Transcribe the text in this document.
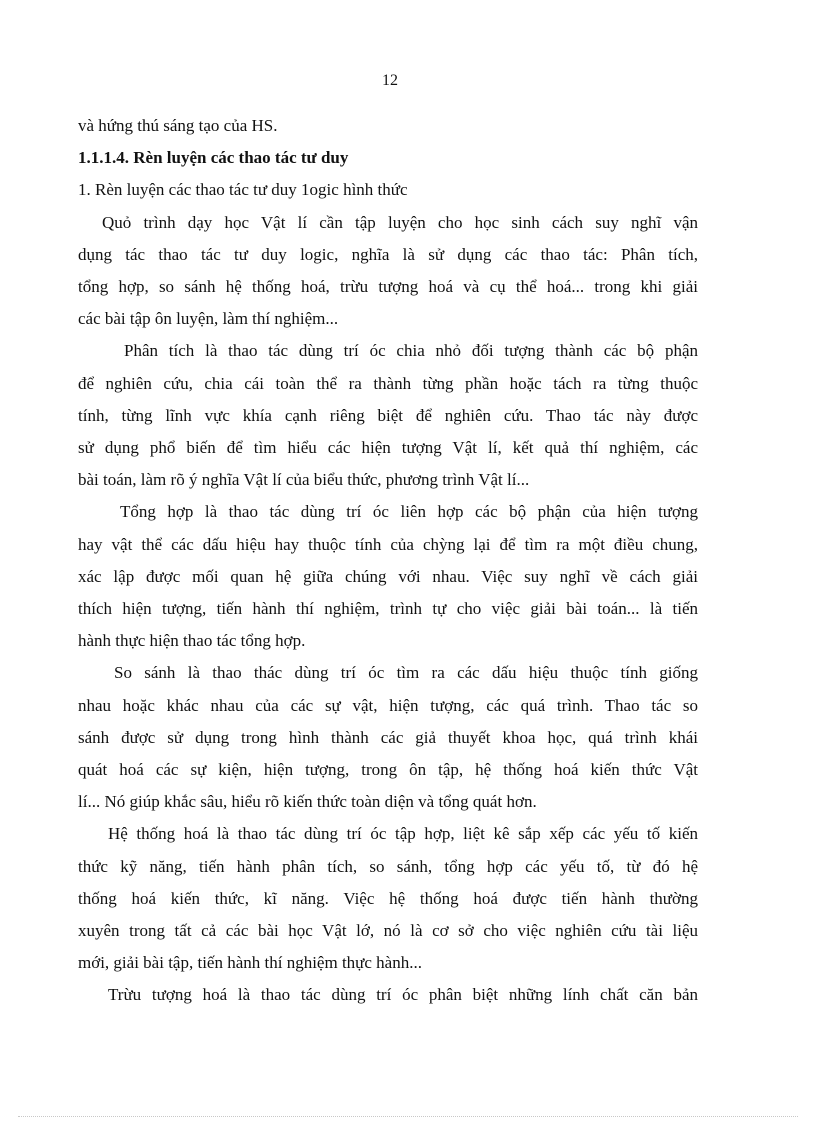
12

và hứng thú sáng tạo của HS.

1.1.1.4. Rèn luyện các thao tác tư duy

1. Rèn luyện các thao tác tư duy 1ogic hình thức

Quỏ trình dạy học Vật lí cần tập luyện cho học sinh cách suy nghĩ vận

dụng tác thao tác tư duy logic, nghĩa là sử dụng các thao tác: Phân tích,

tổng hợp, so sánh hệ thống hoá, trừu tượng hoá và cụ thể hoá... trong khi giải

các bài tập ôn luyện, làm thí nghiệm...

Phân tích là thao tác dùng trí óc chia nhỏ đối tượng thành các bộ phận

để nghiên cứu, chia cái toàn thể ra thành từng phần hoặc tách ra từng thuộc

tính, từng lĩnh vực khía cạnh riêng biệt để nghiên cứu. Thao tác này được

sử dụng phổ biến để tìm hiểu các hiện tượng Vật lí, kết quả thí nghiệm, các

bài toán, làm rõ ý nghĩa Vật lí của biểu thức, phương trình Vật lí...

Tổng hợp là thao tác dùng trí óc liên hợp các bộ phận của hiện tượng

hay vật thể các dấu hiệu hay thuộc tính của chỳng lại để tìm ra một điều chung,

xác lập được mối quan hệ giữa chúng với nhau. Việc suy nghĩ về cách giải

thích hiện tượng, tiến hành thí nghiệm, trình tự cho việc giải bài toán... là tiến

hành thực hiện thao tác tổng hợp.

So sánh là thao thác dùng trí óc tìm ra các dấu hiệu thuộc tính giống

nhau hoặc khác nhau của các sự vật, hiện tượng, các quá trình. Thao tác so

sánh được sử dụng trong hình thành các giả thuyết khoa học, quá trình khái

quát hoá các sự kiện, hiện tượng, trong ôn tập, hệ thống hoá kiến thức Vật

lí... Nó giúp khắc sâu, hiểu rõ kiến thức toàn diện và tổng quát hơn.

Hệ thống hoá là thao tác dùng trí óc tập hợp, liệt kê sắp xếp các yếu tố kiến

thức kỹ năng, tiến hành phân tích, so sánh, tổng hợp các yếu tố, từ đó hệ

thống hoá kiến thức, kĩ năng. Việc hệ thống hoá được tiến hành thường

xuyên trong tất cả các bài học Vật lớ, nó là cơ sở cho việc nghiên cứu tài liệu

mới, giải bài tập, tiến hành thí nghiệm thực hành...

Trừu tượng hoá là thao tác dùng trí óc phân biệt những lính chất căn bản
